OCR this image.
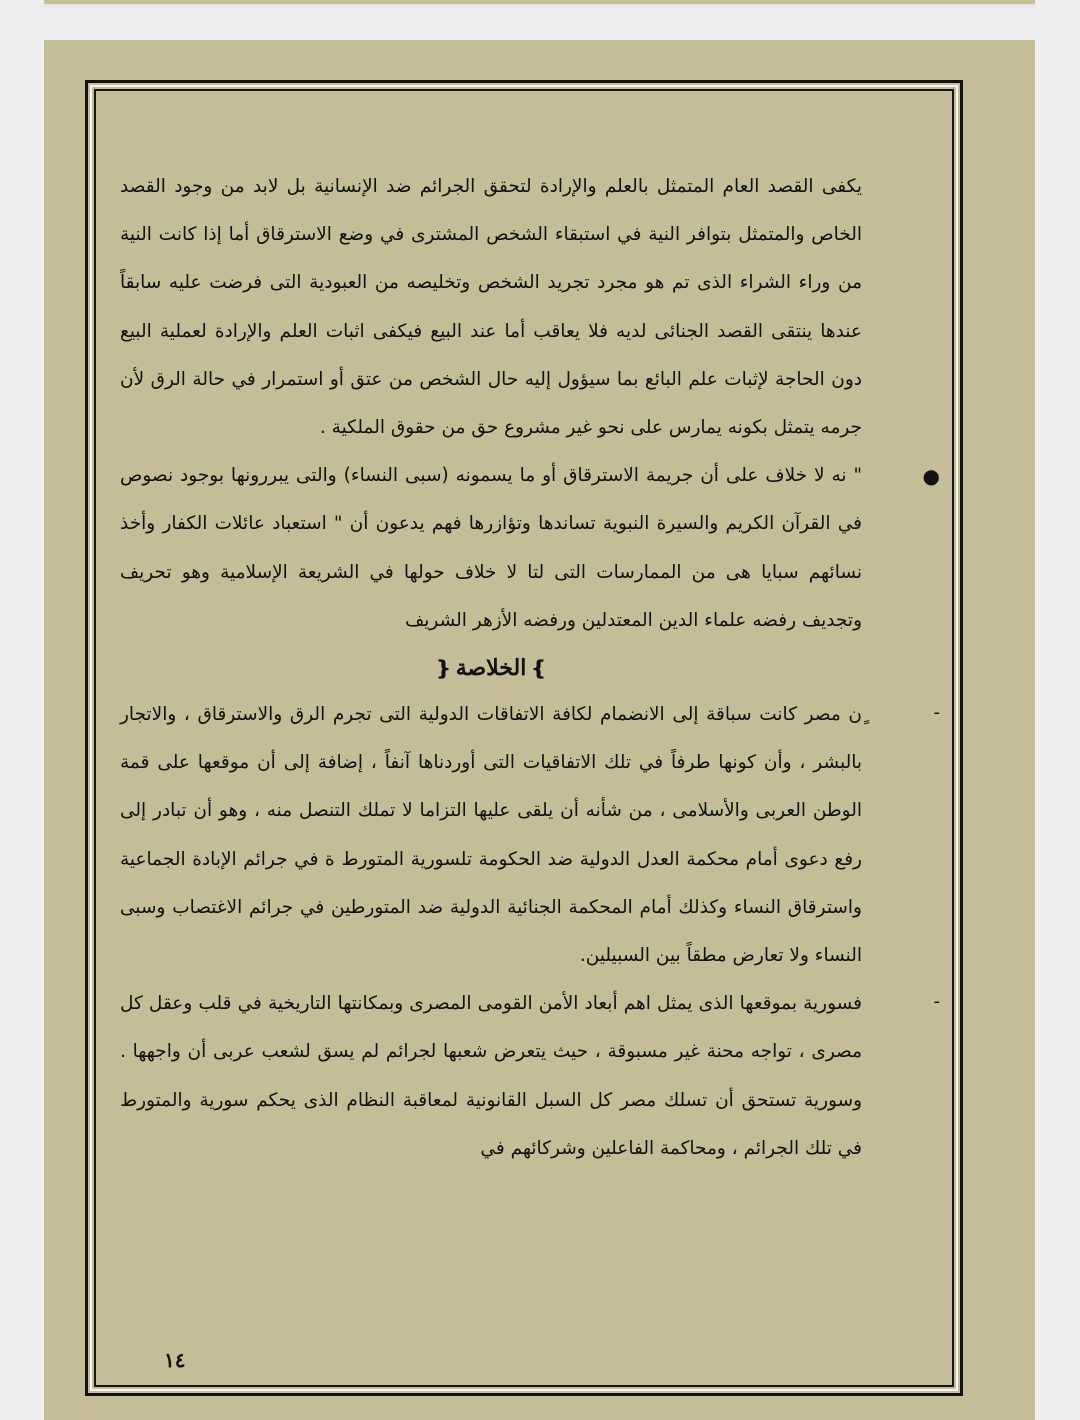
يكفى القصد العام المتمثل بالعلم والإرادة لتحقق الجرائم ضد الإنسانية بل لابد من وجود القصد الخاص والمتمثل بتوافر النية في استبقاء الشخص المشترى في وضع الاسترقاق أما إذا كانت النية من وراء الشراء الذى تم هو مجرد تجريد الشخص وتخليصه من العبودية التى فرضت عليه سابقاً عندها ينتقى القصد الجنائى لديه فلا يعاقب أما عند البيع فيكفى اثبات العلم والإرادة لعملية البيع دون الحاجة لإثبات علم البائع بما سيؤول إليه حال الشخص من عتق أو استمرار في حالة الرق لأن جرمه يتمثل بكونه يمارس على نحو غير مشروع حق من حقوق الملكية .

●

" نه لا خلاف على أن جريمة الاسترقاق أو ما يسمونه (سبى النساء) والتى يبررونها بوجود نصوص في القرآن الكريم والسيرة النبوية تساندها وتؤازرها فهم يدعون أن " استعباد عائلات الكفار وأخذ نسائهم سبايا هى من الممارسات التى لتا لا خلاف حولها في الشريعة الإسلامية وهو تحريف وتجديف رفضه علماء الدين المعتدلين ورفضه الأزهر الشريف

❵الخلاصة❴

-

ٍن مصر كانت سباقة إلى الانضمام لكافة الاتفاقات الدولية التى تجرم الرق والاسترقاق ، والاتجار بالبشر ، وأن كونها طرفاً في تلك الاتفاقيات التى أوردناها آنفاً ، إضافة إلى أن موقعها على قمة الوطن العربى والأسلامى ، من شأنه أن يلقى عليها التزاما لا تملك التنصل منه ، وهو أن تبادر إلى رفع دعوى أمام محكمة العدل الدولية ضد الحكومة تلسورية المتورط ة في جرائم الإبادة الجماعية واسترقاق النساء وكذلك أمام المحكمة الجنائية الدولية ضد المتورطين في جرائم الاغتصاب وسبى النساء ولا تعارض مطقاً بين السبيلين.

-

فسورية بموقعها الذى يمثل اهم أبعاد الأمن القومى المصرى وبمكانتها التاريخية في قلب وعقل كل مصرى ، تواجه محنة غير مسبوقة ، حيث يتعرض شعبها لجرائم لم يسق لشعب عربى أن واجهها . وسورية تستحق أن تسلك مصر كل السبل القانونية لمعاقبة النظام الذى يحكم سورية والمتورط في تلك الجرائم ، ومحاكمة الفاعلين وشركائهم في

١٤
